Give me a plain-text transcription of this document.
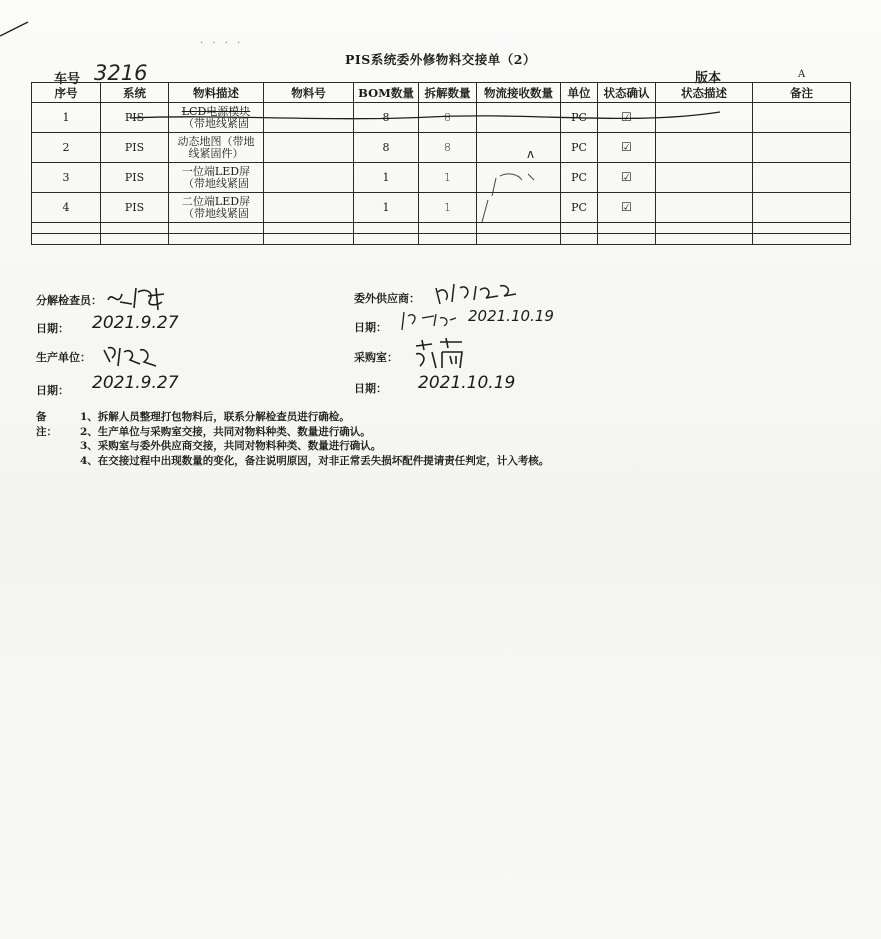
· · · ·
PIS系统委外修物料交接单（2）
车号 3216	版本	A
序号	系统	物料描述	物料号	BOM数量	拆解数量	物流接收数量	单位	状态确认	状态描述	备注
1	PIS	LCD电源模块
（带地线紧固		8	8		PC	☑		
2	PIS	动态地图（带地
线紧固件）		8	8		PC	☑		
3	PIS	一位端LED屏
（带地线紧固		1	1		PC	☑		
4	PIS	二位端LED屏
（带地线紧固		1	1		PC	☑		

ʌ
分解检查员：
日期： 2021.9.27
生产单位：
日期： 2021.9.27
委外供应商：
日期：
2021.10.19
采购室：
日期： 2021.10.19
备注：
1、拆解人员整理打包物料后，联系分解检查员进行确检。
2、生产单位与采购室交接，共同对物料种类、数量进行确认。
3、采购室与委外供应商交接，共同对物料种类、数量进行确认。
4、在交接过程中出现数量的变化，备注说明原因，对非正常丢失损坏配件提请责任判定，计入考核。
